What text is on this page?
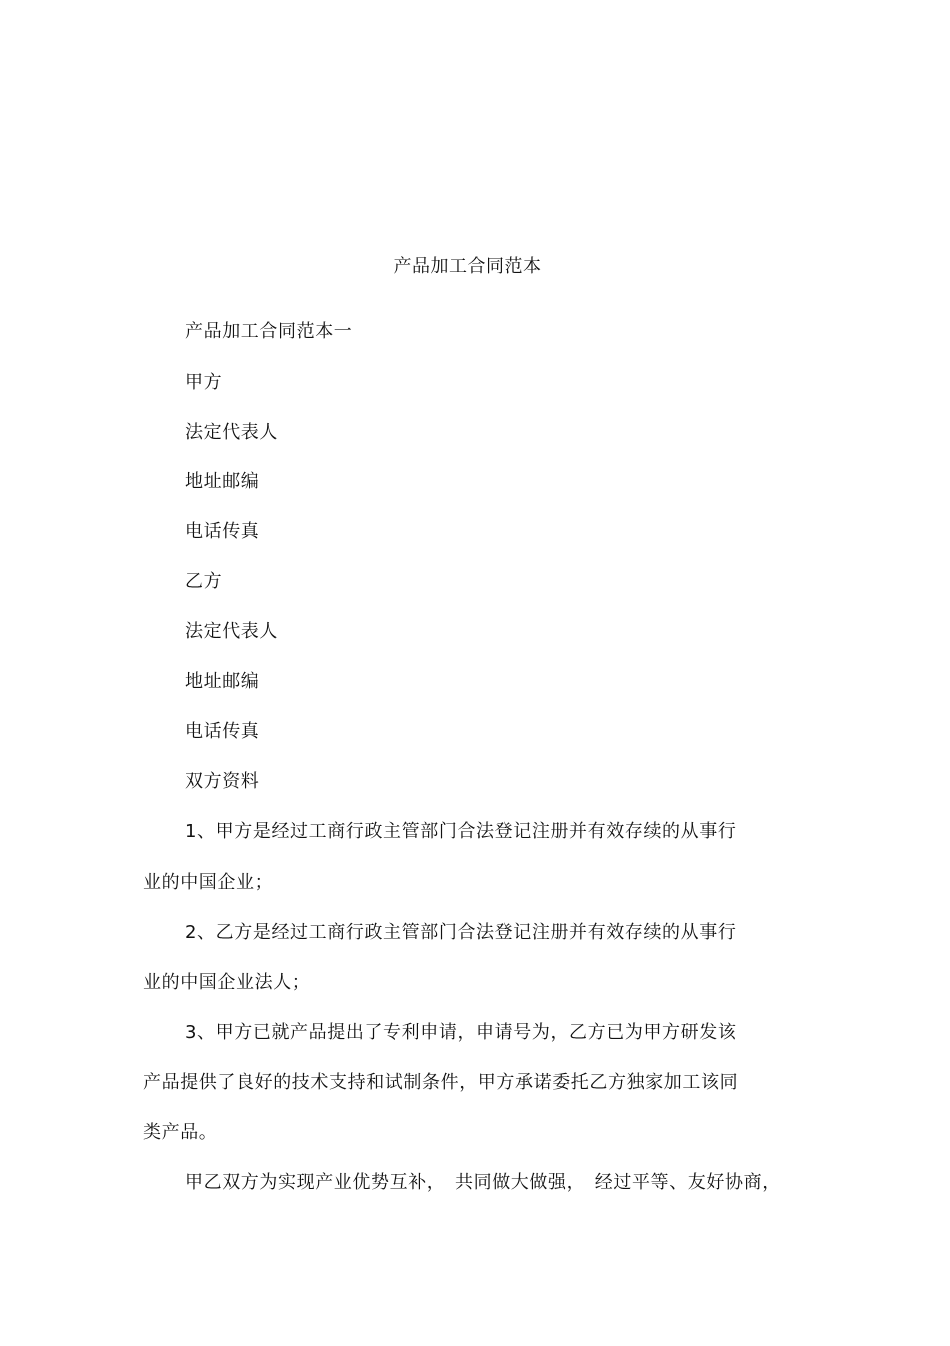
产品加工合同范本
产品加工合同范本一
甲方
法定代表人
地址邮编
电话传真
乙方
法定代表人
地址邮编
电话传真
双方资料
1、甲方是经过工商行政主管部门合法登记注册并有效存续的从事行
业的中国企业；
2、乙方是经过工商行政主管部门合法登记注册并有效存续的从事行
业的中国企业法人；
3、甲方已就产品提出了专利申请，申请号为，乙方已为甲方研发该
产品提供了良好的技术支持和试制条件，甲方承诺委托乙方独家加工该同
类产品。
甲乙双方为实现产业优势互补，　共同做大做强，　经过平等、友好协商，
